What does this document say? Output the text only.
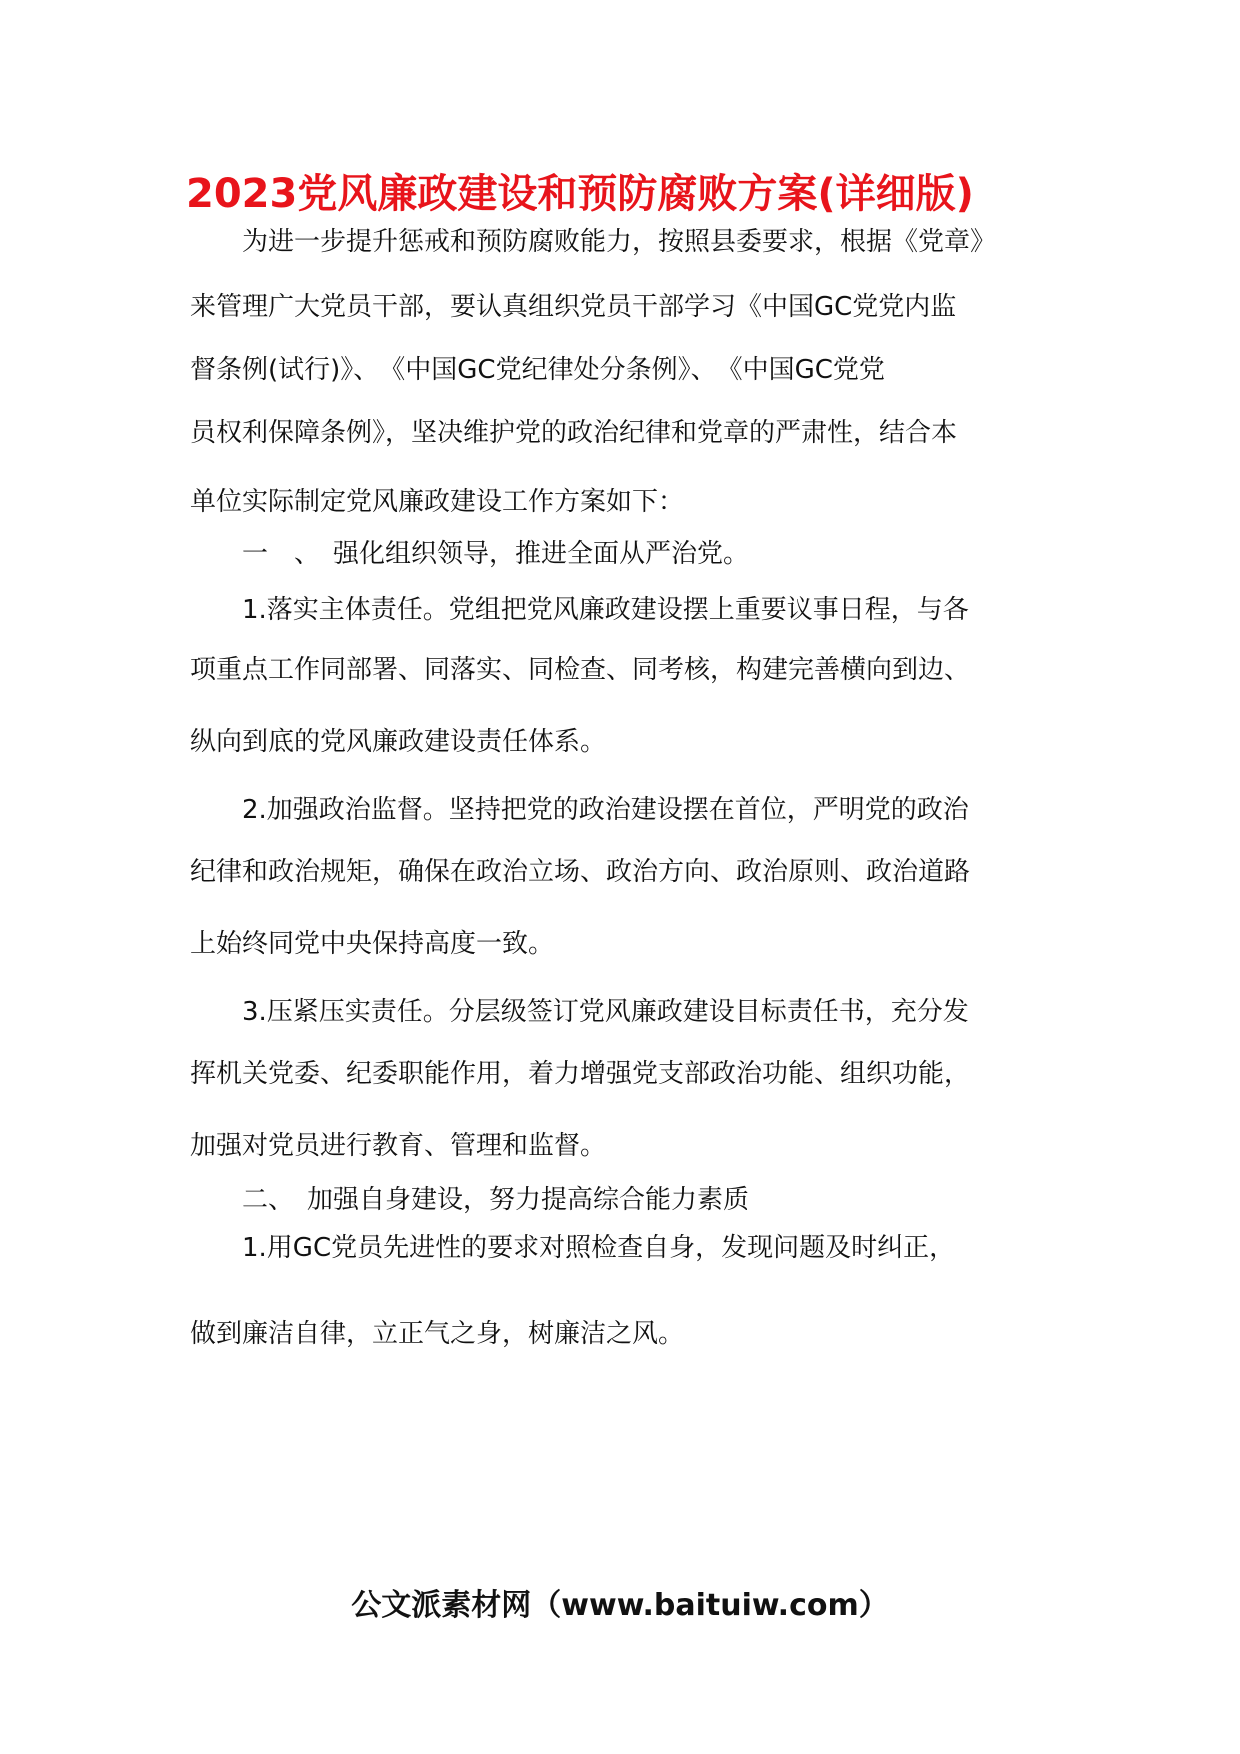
2023党风廉政建设和预防腐败方案(详细版)
为进一步提升惩戒和预防腐败能力，按照县委要求，根据《党章》
来管理广大党员干部，要认真组织党员干部学习《中国GC党党内监
督条例(试行)》、　《中国GC党纪律处分条例》、　《中国GC党党
员权利保障条例》，坚决维护党的政治纪律和党章的严肃性，结合本
单位实际制定党风廉政建设工作方案如下：
一　、　强化组织领导，推进全面从严治党。
1.落实主体责任。党组把党风廉政建设摆上重要议事日程，与各
项重点工作同部署、同落实、同检查、同考核，构建完善横向到边、
纵向到底的党风廉政建设责任体系。
2.加强政治监督。坚持把党的政治建设摆在首位，严明党的政治
纪律和政治规矩，确保在政治立场、政治方向、政治原则、政治道路
上始终同党中央保持高度一致。
3.压紧压实责任。分层级签订党风廉政建设目标责任书，充分发
挥机关党委、纪委职能作用，着力增强党支部政治功能、组织功能，
加强对党员进行教育、管理和监督。
二、　加强自身建设，努力提高综合能力素质
1.用GC党员先进性的要求对照检查自身，发现问题及时纠正，
做到廉洁自律，立正气之身，树廉洁之风。
公文派素材网（www.baituiw.com）
